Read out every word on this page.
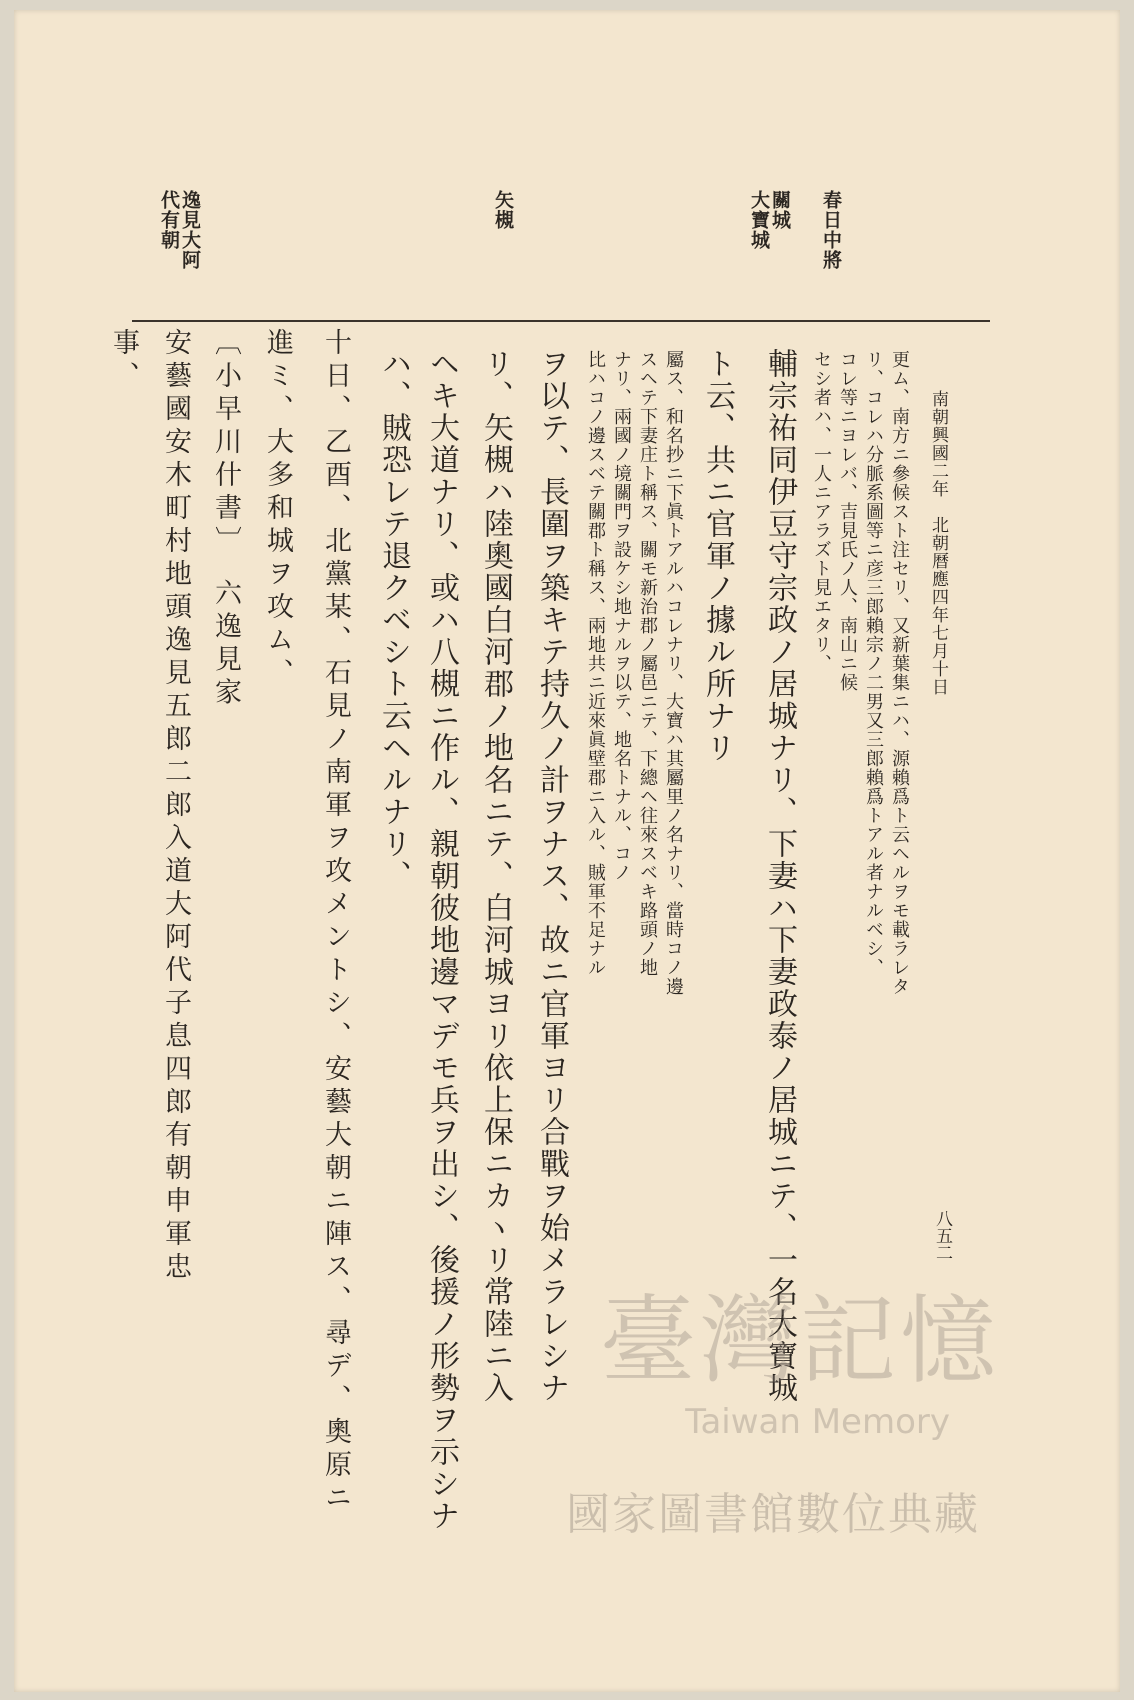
八五二
南朝興國二年　北朝曆應四年七月十日
春日中將
關城
大寶城
矢槻
逸見大阿
代有朝
更ム、南方ニ參候スト注セリ、又新葉集ニハ、源賴爲ト云ヘルヲモ載ラレタ
リ、コレハ分脈系圖等ニ彦三郎賴宗ノ二男又三郎賴爲トアル者ナルベシ、
コレ等ニヨレバ、吉見氏ノ人、南山ニ候
セシ者ハ、一人ニアラズト見エタリ、
輔宗祐同伊豆守宗政ノ居城ナリ、下妻ハ下妻政泰ノ居城ニテ、一名大寶城
ト云、共ニ官軍ノ據ル所ナリ
屬ス、和名抄ニ下眞トアルハコレナリ、大寶ハ其屬里ノ名ナリ、當時コノ邊
スヘテ下妻庄ト稱ス、關モ新治郡ノ屬邑ニテ、下總ヘ往來スベキ路頭ノ地
ナリ、兩國ノ境關門ヲ設ケシ地ナルヲ以テ、地名トナル、コノ
比ハコノ邊スベテ關郡ト稱ス、兩地共ニ近來眞壁郡ニ入ル、賊軍不足ナル
ヲ以テ、長圍ヲ築キテ持久ノ計ヲナス、故ニ官軍ヨリ合戰ヲ始メラレシナ
リ、矢槻ハ陸奧國白河郡ノ地名ニテ、白河城ヨリ依上保ニカヽリ常陸ニ入
ヘキ大道ナリ、或ハ八槻ニ作ル、親朝彼地邊マデモ兵ヲ出シ、後援ノ形勢ヲ示シナ
ハ、賊恐レテ退クベシト云ヘルナリ、
十日、乙酉、北黨某、石見ノ南軍ヲ攻メントシ、安藝大朝ニ陣ス、尋デ、奧原ニ
進ミ、大多和城ヲ攻ム、
〔小早川什書〕　六逸見家
安藝國安木町村地頭逸見五郎二郎入道大阿代子息四郎有朝申軍忠
事、
臺灣記憶
Taiwan Memory
國家圖書館數位典藏
